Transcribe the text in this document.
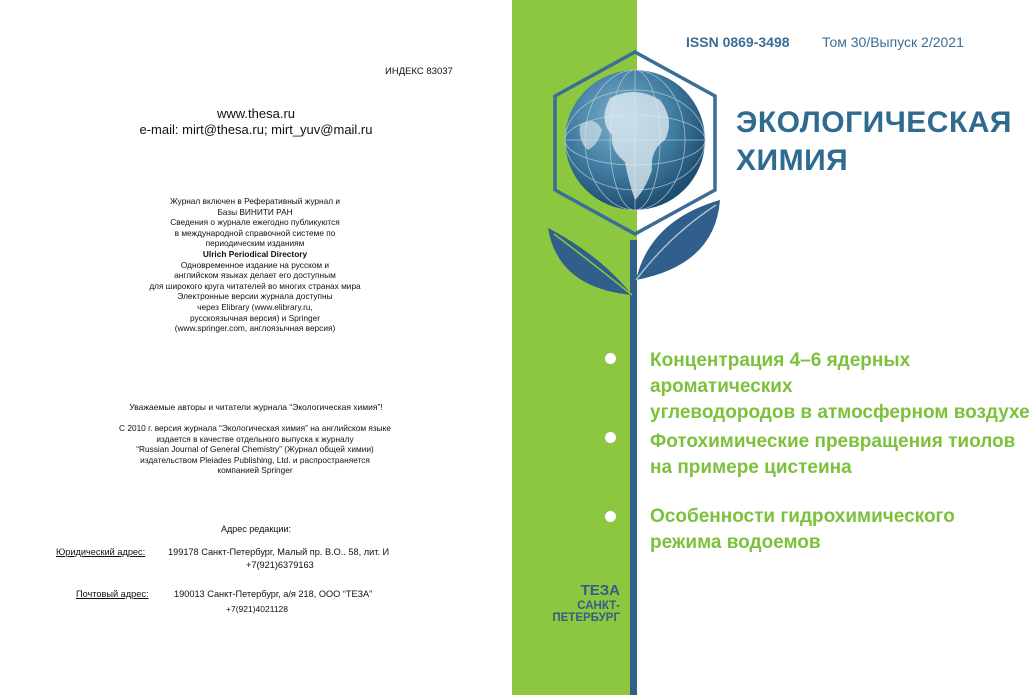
ИНДЕКС 83037
www.thesa.ru
e-mail: mirt@thesa.ru; mirt_yuv@mail.ru
Журнал включен в Реферативный журнал и
Базы ВИНИТИ РАН
Сведения о журнале ежегодно публикуются
в международной справочной системе по
периодическим изданиям
Ulrich Periodical Directory
Одновременное издание на русском и
английском языках делает его доступным
для широкого круга читателей во многих странах мира
Электронные версии журнала доступны
через Elibrary (www.elibrary.ru,
русскоязычная версия) и Springer
(www.springer.com, англоязычная версия)
Уважаемые авторы и читатели журнала “Экологическая химия”!
С 2010 г. версия журнала “Экологическая химия” на английском языке
издается в качестве отдельного выпуска к журналу
“Russian Journal of General Chemistry” (Журнал общей химии)
издательством Pleiades Publishing, Ltd. и распространяется
компанией Springer
Адрес редакции:
Юридический адрес: 199178 Санкт-Петербург, Малый пр. В.О.. 58, лит. И
+7(921)6379163
Почтовый адрес:	190013 Санкт-Петербург, а/я 218, ООО “ТЕЗА”
+7(921)4021128
ISSN 0869-3498 Том 30/Выпуск 2/2021
ЭКОЛОГИЧЕСКАЯ
ХИМИЯ
Концентрация 4–6 ядерных ароматических
углеводородов в атмосферном воздухе
Фотохимические превращения тиолов
на примере цистеина
Особенности гидрохимического
режима водоемов
ТЕЗА
САНКТ-ПЕТЕРБУРГ
